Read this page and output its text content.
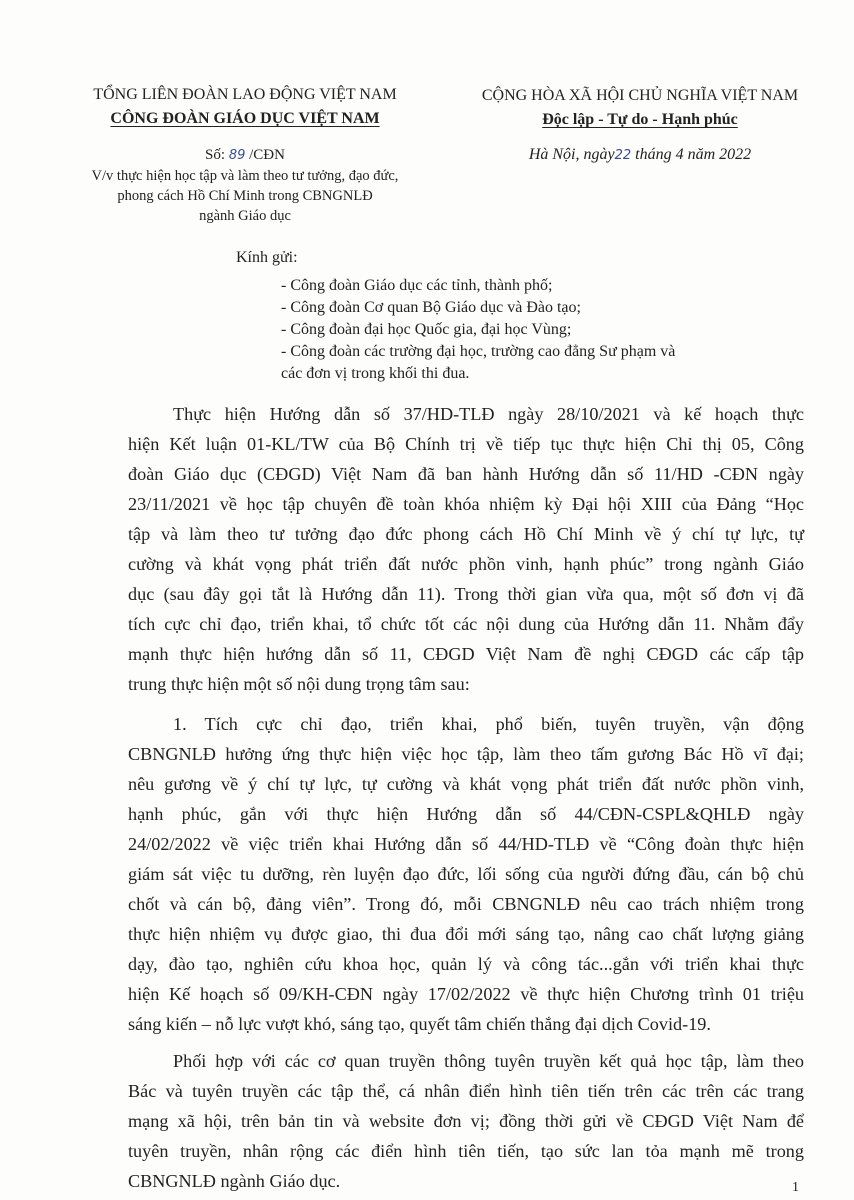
TỔNG LIÊN ĐOÀN LAO ĐỘNG VIỆT NAM
CÔNG ĐOÀN GIÁO DỤC VIỆT NAM
Số: 89 /CĐN
V/v thực hiện học tập và làm theo tư tưởng, đạo đức,
phong cách Hồ Chí Minh trong CBNGNLĐ
ngành Giáo dục
CỘNG HÒA XÃ HỘI CHỦ NGHĨA VIỆT NAM
Độc lập - Tự do - Hạnh phúc
Hà Nội, ngày22 tháng 4 năm 2022
Kính gửi:
- Công đoàn Giáo dục các tỉnh, thành phố;
- Công đoàn Cơ quan Bộ Giáo dục và Đào tạo;
- Công đoàn đại học Quốc gia, đại học Vùng;
- Công đoàn các trường đại học, trường cao đẳng Sư phạm và
các đơn vị trong khối thi đua.
Thực hiện Hướng dẫn số 37/HD-TLĐ ngày 28/10/2021 và kế hoạch thực
hiện Kết luận 01-KL/TW của Bộ Chính trị về tiếp tục thực hiện Chỉ thị 05, Công
đoàn Giáo dục (CĐGD) Việt Nam đã ban hành Hướng dẫn số 11/HD -CĐN ngày
23/11/2021 về học tập chuyên đề toàn khóa nhiệm kỳ Đại hội XIII của Đảng “Học
tập và làm theo tư tưởng đạo đức phong cách Hồ Chí Minh về ý chí tự lực, tự
cường và khát vọng phát triển đất nước phồn vinh, hạnh phúc” trong ngành Giáo
dục (sau đây gọi tắt là Hướng dẫn 11). Trong thời gian vừa qua, một số đơn vị đã
tích cực chỉ đạo, triển khai, tổ chức tốt các nội dung của Hướng dẫn 11. Nhằm đẩy
mạnh thực hiện hướng dẫn số 11, CĐGD Việt Nam đề nghị CĐGD các cấp tập
trung thực hiện một số nội dung trọng tâm sau:
1. Tích cực chỉ đạo, triển khai, phổ biến, tuyên truyền, vận động
CBNGNLĐ hưởng ứng thực hiện việc học tập, làm theo tấm gương Bác Hồ vĩ đại;
nêu gương về ý chí tự lực, tự cường và khát vọng phát triển đất nước phồn vinh,
hạnh phúc, gắn với thực hiện Hướng dẫn số 44/CĐN-CSPL&QHLĐ ngày
24/02/2022 về việc triển khai Hướng dẫn số 44/HD-TLĐ về “Công đoàn thực hiện
giám sát việc tu dưỡng, rèn luyện đạo đức, lối sống của người đứng đầu, cán bộ chủ
chốt và cán bộ, đảng viên”. Trong đó, mỗi CBNGNLĐ nêu cao trách nhiệm trong
thực hiện nhiệm vụ được giao, thi đua đổi mới sáng tạo, nâng cao chất lượng giảng
dạy, đào tạo, nghiên cứu khoa học, quản lý và công tác...gắn với triển khai thực
hiện Kế hoạch số 09/KH-CĐN ngày 17/02/2022 về thực hiện Chương trình 01 triệu
sáng kiến – nỗ lực vượt khó, sáng tạo, quyết tâm chiến thắng đại dịch Covid-19.
Phối hợp với các cơ quan truyền thông tuyên truyền kết quả học tập, làm theo
Bác và tuyên truyền các tập thể, cá nhân điển hình tiên tiến trên các trên các trang
mạng xã hội, trên bản tin và website đơn vị; đồng thời gửi về CĐGD Việt Nam để
tuyên truyền, nhân rộng các điển hình tiên tiến, tạo sức lan tỏa mạnh mẽ trong
CBNGNLĐ ngành Giáo dục.	1
